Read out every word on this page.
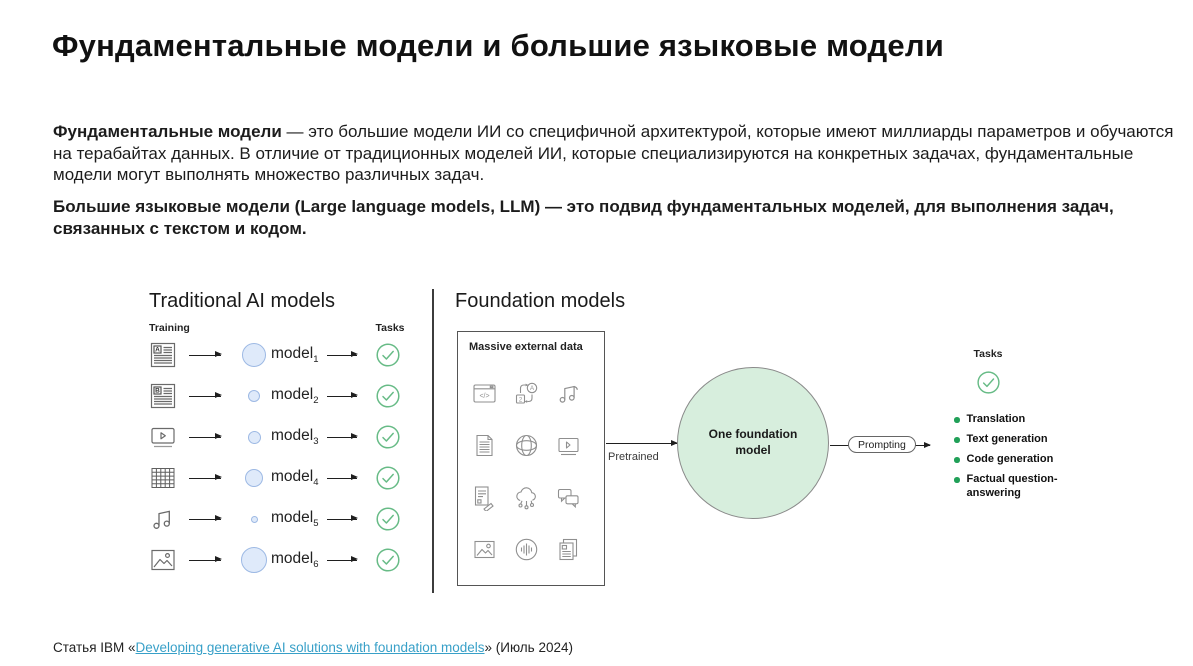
Фундаментальные модели и большие языковые модели

Фундаментальные модели — это большие модели ИИ со специфичной архитектурой, которые имеют миллиарды параметров и обучаются на терабайтах данных. В отличие от традиционных моделей ИИ, которые специализируются на конкретных задачах, фундаментальные модели могут выполнять множество различных задач.

Большие языковые модели (Large language models, LLM) — это подвид фундаментальных моделей, для выполнения задач, связанных с текстом и кодом.

Traditional AI models
Training	Tasks
A	model$_1$
B	model$_2$
model$_3$
model$_4$
model$_5$
model$_6$
Foundation models
Massive external data
</>
2
A
Pretrained
One foundation model	Prompting
Tasks
Translation
Text generation
Code generation
Factual question-answering
Статья IBM «Developing generative AI solutions with foundation models» (Июль 2024)
